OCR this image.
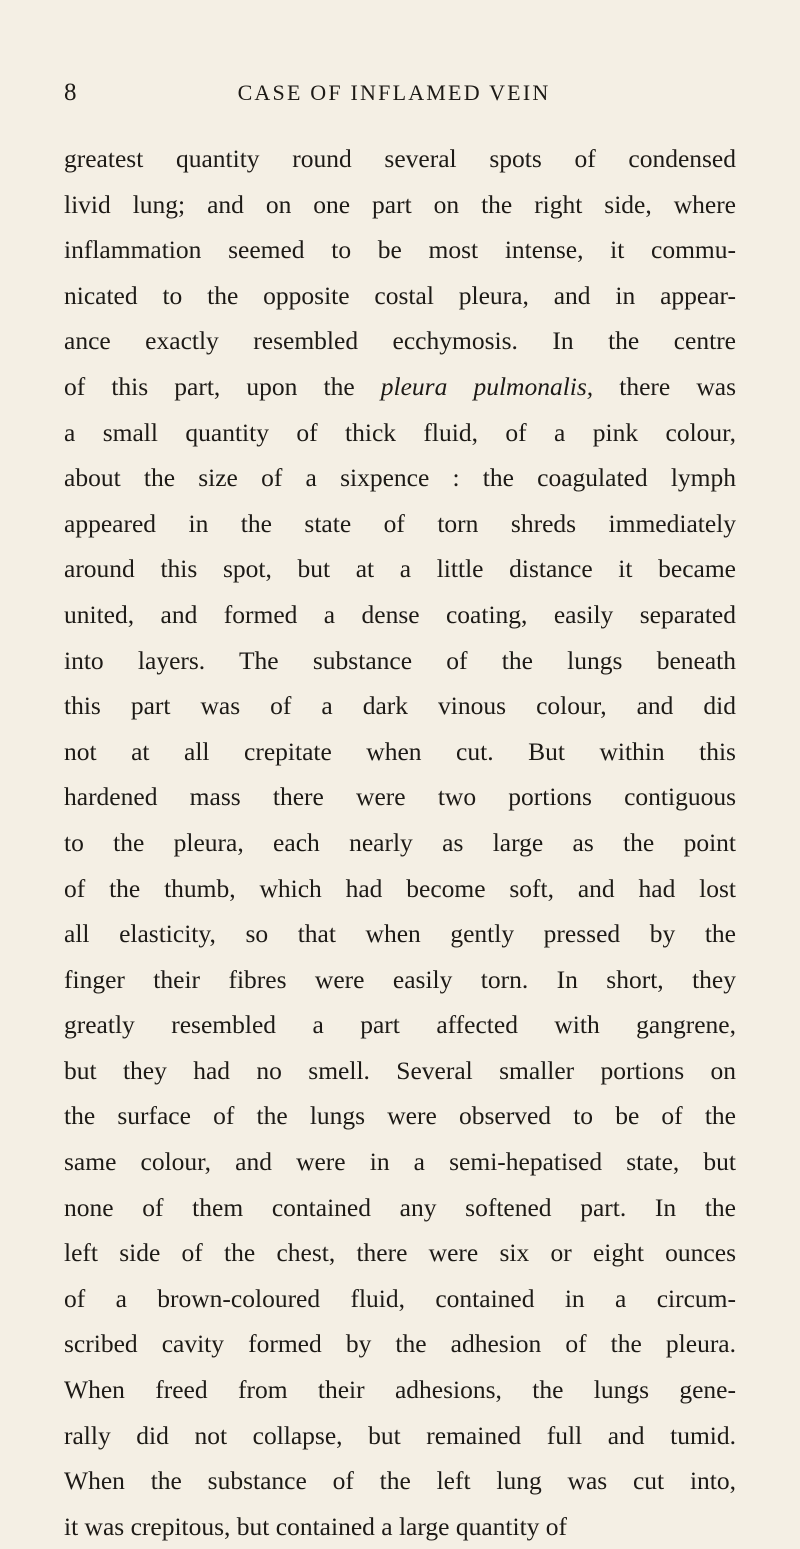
8	CASE OF INFLAMED VEIN
greatest quantity round several spots of condensed
livid lung; and on one part on the right side, where
inflammation seemed to be most intense, it commu-
nicated to the opposite costal pleura, and in appear-
ance exactly resembled ecchymosis. In the centre
of this part, upon the pleura pulmonalis, there was
a small quantity of thick fluid, of a pink colour,
about the size of a sixpence : the coagulated lymph
appeared in the state of torn shreds immediately
around this spot, but at a little distance it became
united, and formed a dense coating, easily separated
into layers. The substance of the lungs beneath
this part was of a dark vinous colour, and did
not at all crepitate when cut. But within this
hardened mass there were two portions contiguous
to the pleura, each nearly as large as the point
of the thumb, which had become soft, and had lost
all elasticity, so that when gently pressed by the
finger their fibres were easily torn. In short, they
greatly resembled a part affected with gangrene,
but they had no smell. Several smaller portions on
the surface of the lungs were observed to be of the
same colour, and were in a semi-hepatised state, but
none of them contained any softened part. In the
left side of the chest, there were six or eight ounces
of a brown-coloured fluid, contained in a circum-
scribed cavity formed by the adhesion of the pleura.
When freed from their adhesions, the lungs gene-
rally did not collapse, but remained full and tumid.
When the substance of the left lung was cut into,
it was crepitous, but contained a large quantity of
